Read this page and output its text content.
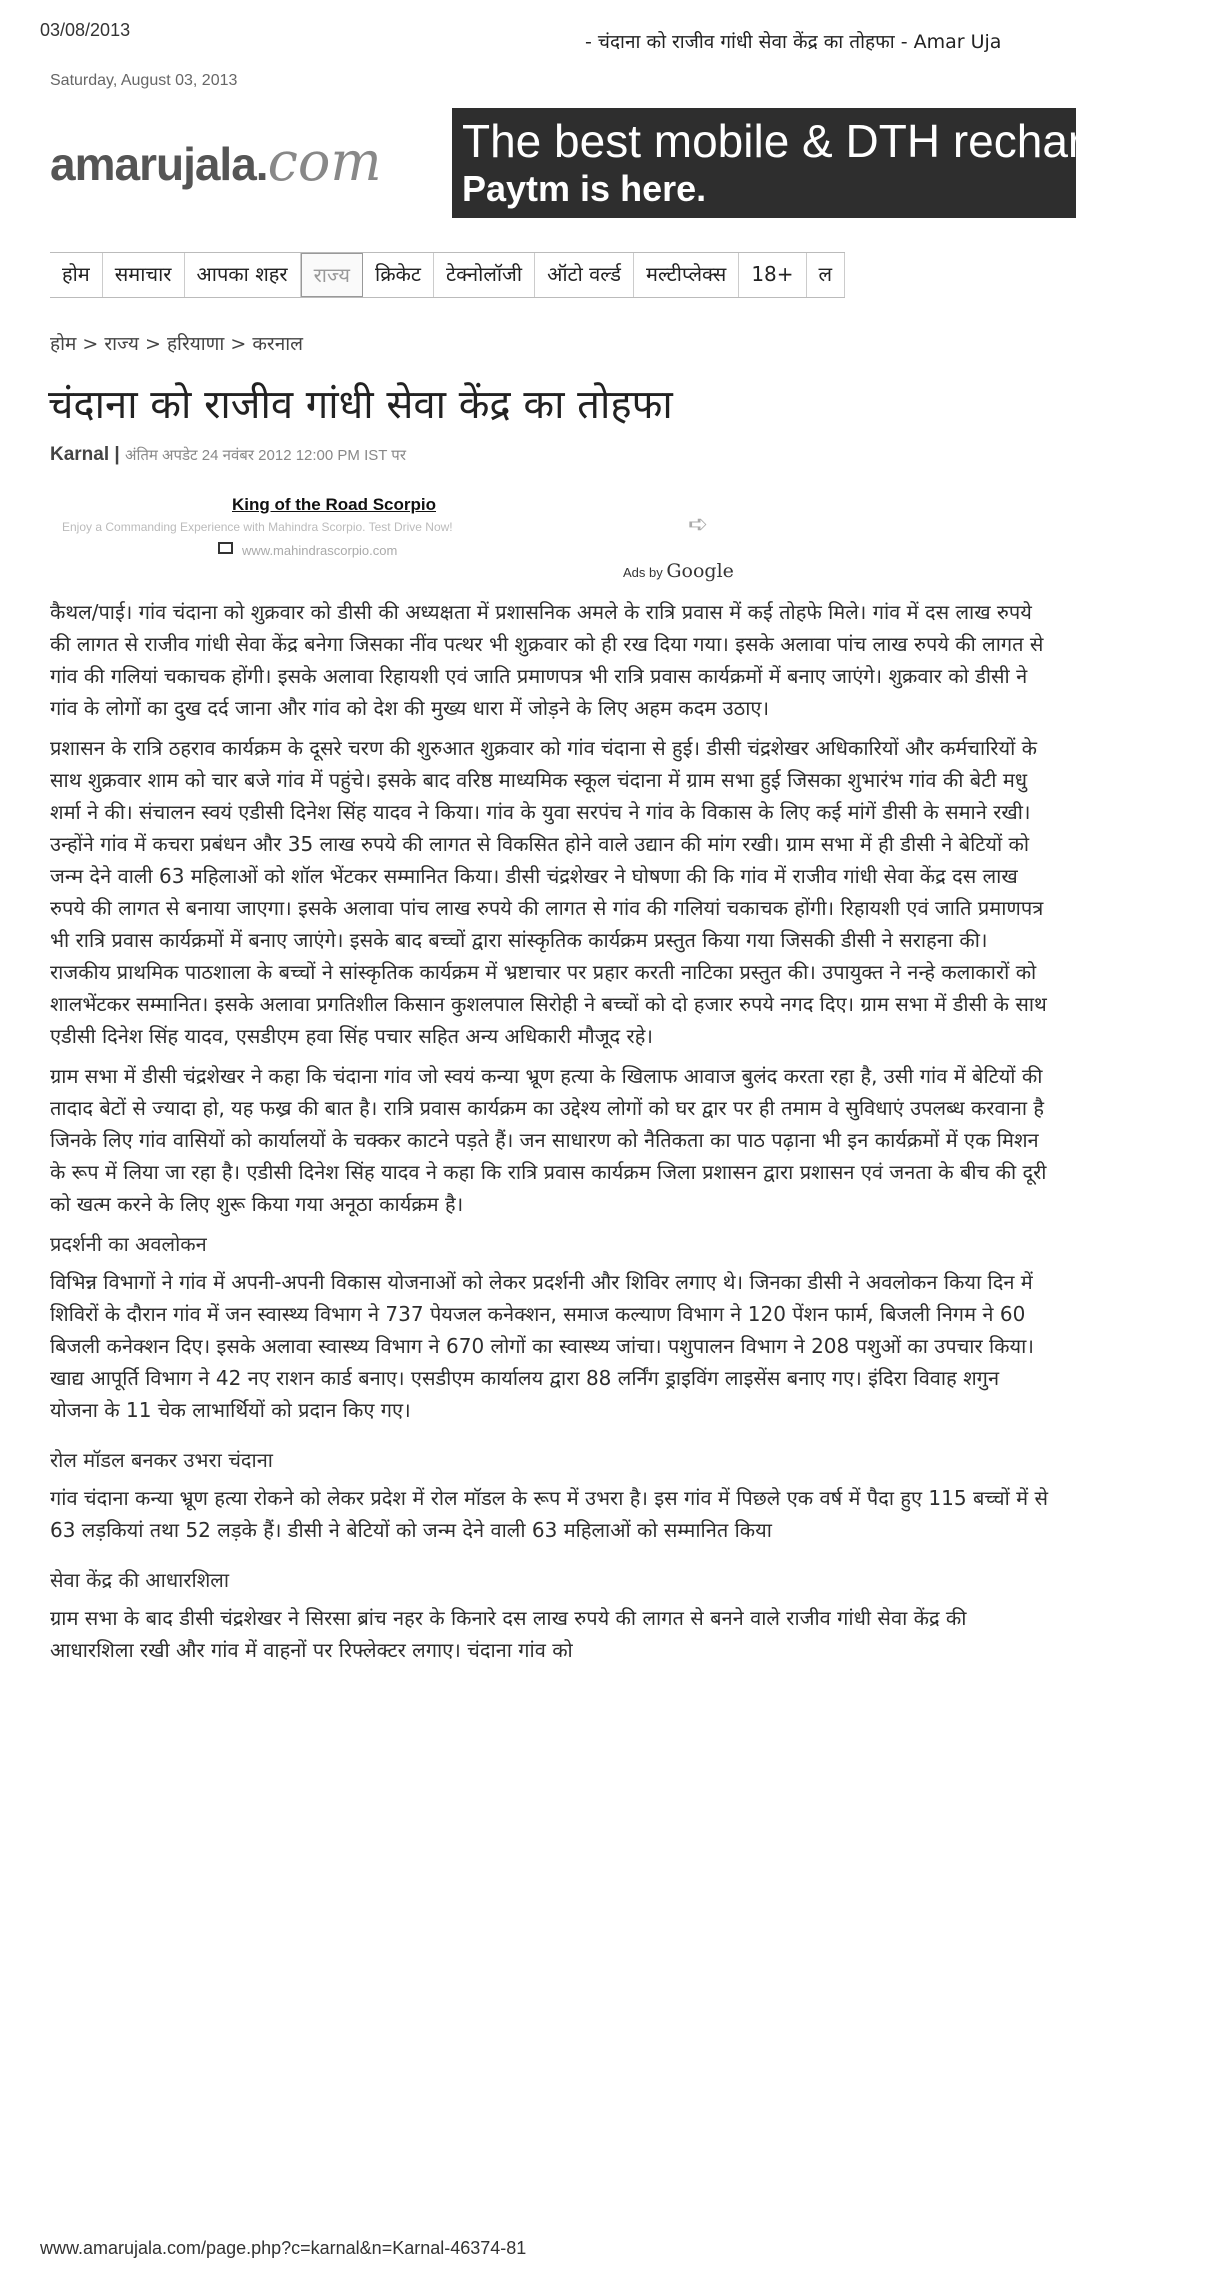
03/08/2013
- चंदाना को राजीव गांधी सेवा केंद्र का तोहफा - Amar Uja
Saturday, August 03, 2013
amarujala.com The best mobile & DTH recharge exp
Paytm is here.
होम	समाचार	आपका शहर	राज्य	क्रिकेट	टेक्नोलॉजी	ऑटो वर्ल्ड	मल्टीप्लेक्स	18+	ल
होम > राज्य > हरियाणा > करनाल
चंदाना को राजीव गांधी सेवा केंद्र का तोहफा
Karnal | अंतिम अपडेट 24 नवंबर 2012 12:00 PM IST पर
King of the Road Scorpio
Enjoy a Commanding Experience with Mahindra Scorpio. Test Drive Now!
www.mahindrascorpio.com
➪
Ads by Google

कैथल/पाई। गांव चंदाना को शुक्रवार को डीसी की अध्यक्षता में प्रशासनिक अमले के रात्रि प्रवास में कई तोहफे मिले। गांव में दस लाख रुपये की लागत से राजीव गांधी सेवा केंद्र बनेगा जिसका नींव पत्थर भी शुक्रवार को ही रख दिया गया। इसके अलावा पांच लाख रुपये की लागत से गांव की गलियां चकाचक होंगी। इसके अलावा रिहायशी एवं जाति प्रमाणपत्र भी रात्रि प्रवास कार्यक्रमों में बनाए जाएंगे। शुक्रवार को डीसी ने गांव के लोगों का दुख दर्द जाना और गांव को देश की मुख्य धारा में जोड़ने के लिए अहम कदम उठाए।

प्रशासन के रात्रि ठहराव कार्यक्रम के दूसरे चरण की शुरुआत शुक्रवार को गांव चंदाना से हुई। डीसी चंद्रशेखर अधिकारियों और कर्मचारियों के साथ शुक्रवार शाम को चार बजे गांव में पहुंचे। इसके बाद वरिष्ठ माध्यमिक स्कूल चंदाना में ग्राम सभा हुई जिसका शुभारंभ गांव की बेटी मधु शर्मा ने की। संचालन स्वयं एडीसी दिनेश सिंह यादव ने किया। गांव के युवा सरपंच ने गांव के विकास के लिए कई मांगें डीसी के समाने रखी। उन्होंने गांव में कचरा प्रबंधन और 35 लाख रुपये की लागत से विकसित होने वाले उद्यान की मांग रखी। ग्राम सभा में ही डीसी ने बेटियों को जन्म देने वाली 63 महिलाओं को शॉल भेंटकर सम्मानित किया। डीसी चंद्रशेखर ने घोषणा की कि गांव में राजीव गांधी सेवा केंद्र दस लाख रुपये की लागत से बनाया जाएगा। इसके अलावा पांच लाख रुपये की लागत से गांव की गलियां चकाचक होंगी। रिहायशी एवं जाति प्रमाणपत्र भी रात्रि प्रवास कार्यक्रमों में बनाए जाएंगे। इसके बाद बच्चों द्वारा सांस्कृतिक कार्यक्रम प्रस्तुत किया गया जिसकी डीसी ने सराहना की। राजकीय प्राथमिक पाठशाला के बच्चों ने सांस्कृतिक कार्यक्रम में भ्रष्टाचार पर प्रहार करती नाटिका प्रस्तुत की। उपायुक्त ने नन्हे कलाकारों को शालभेंटकर सम्मानित। इसके अलावा प्रगतिशील किसान कुशलपाल सिरोही ने बच्चों को दो हजार रुपये नगद दिए। ग्राम सभा में डीसी के साथ एडीसी दिनेश सिंह यादव, एसडीएम हवा सिंह पचार सहित अन्य अधिकारी मौजूद रहे।

ग्राम सभा में डीसी चंद्रशेखर ने कहा कि चंदाना गांव जो स्वयं कन्या भ्रूण हत्या के खिलाफ आवाज बुलंद करता रहा है, उसी गांव में बेटियों की तादाद बेटों से ज्यादा हो, यह फख्र की बात है। रात्रि प्रवास कार्यक्रम का उद्देश्य लोगों को घर द्वार पर ही तमाम वे सुविधाएं उपलब्ध करवाना है जिनके लिए गांव वासियों को कार्यालयों के चक्कर काटने पड़ते हैं। जन साधारण को नैतिकता का पाठ पढ़ाना भी इन कार्यक्रमों में एक मिशन के रूप में लिया जा रहा है। एडीसी दिनेश सिंह यादव ने कहा कि रात्रि प्रवास कार्यक्रम जिला प्रशासन द्वारा प्रशासन एवं जनता के बीच की दूरी को खत्म करने के लिए शुरू किया गया अनूठा कार्यक्रम है।

प्रदर्शनी का अवलोकन

विभिन्न विभागों ने गांव में अपनी-अपनी विकास योजनाओं को लेकर प्रदर्शनी और शिविर लगाए थे। जिनका डीसी ने अवलोकन किया दिन में शिविरों के दौरान गांव में जन स्वास्थ्य विभाग ने 737 पेयजल कनेक्शन, समाज कल्याण विभाग ने 120 पेंशन फार्म, बिजली निगम ने 60 बिजली कनेक्शन दिए। इसके अलावा स्वास्थ्य विभाग ने 670 लोगों का स्वास्थ्य जांचा। पशुपालन विभाग ने 208 पशुओं का उपचार किया। खाद्य आपूर्ति विभाग ने 42 नए राशन कार्ड बनाए। एसडीएम कार्यालय द्वारा 88 लर्निंग ड्राइविंग लाइसेंस बनाए गए। इंदिरा विवाह शगुन योजना के 11 चेक लाभार्थियों को प्रदान किए गए।

रोल मॉडल बनकर उभरा चंदाना

गांव चंदाना कन्या भ्रूण हत्या रोकने को लेकर प्रदेश में रोल मॉडल के रूप में उभरा है। इस गांव में पिछले एक वर्ष में पैदा हुए 115 बच्चों में से 63 लड़कियां तथा 52 लड़के हैं। डीसी ने बेटियों को जन्म देने वाली 63 महिलाओं को सम्मानित किया

सेवा केंद्र की आधारशिला

ग्राम सभा के बाद डीसी चंद्रशेखर ने सिरसा ब्रांच नहर के किनारे दस लाख रुपये की लागत से बनने वाले राजीव गांधी सेवा केंद्र की आधारशिला रखी और गांव में वाहनों पर रिफ्लेक्टर लगाए। चंदाना गांव को

www.amarujala.com/page.php?c=karnal&n=Karnal-46374-81
